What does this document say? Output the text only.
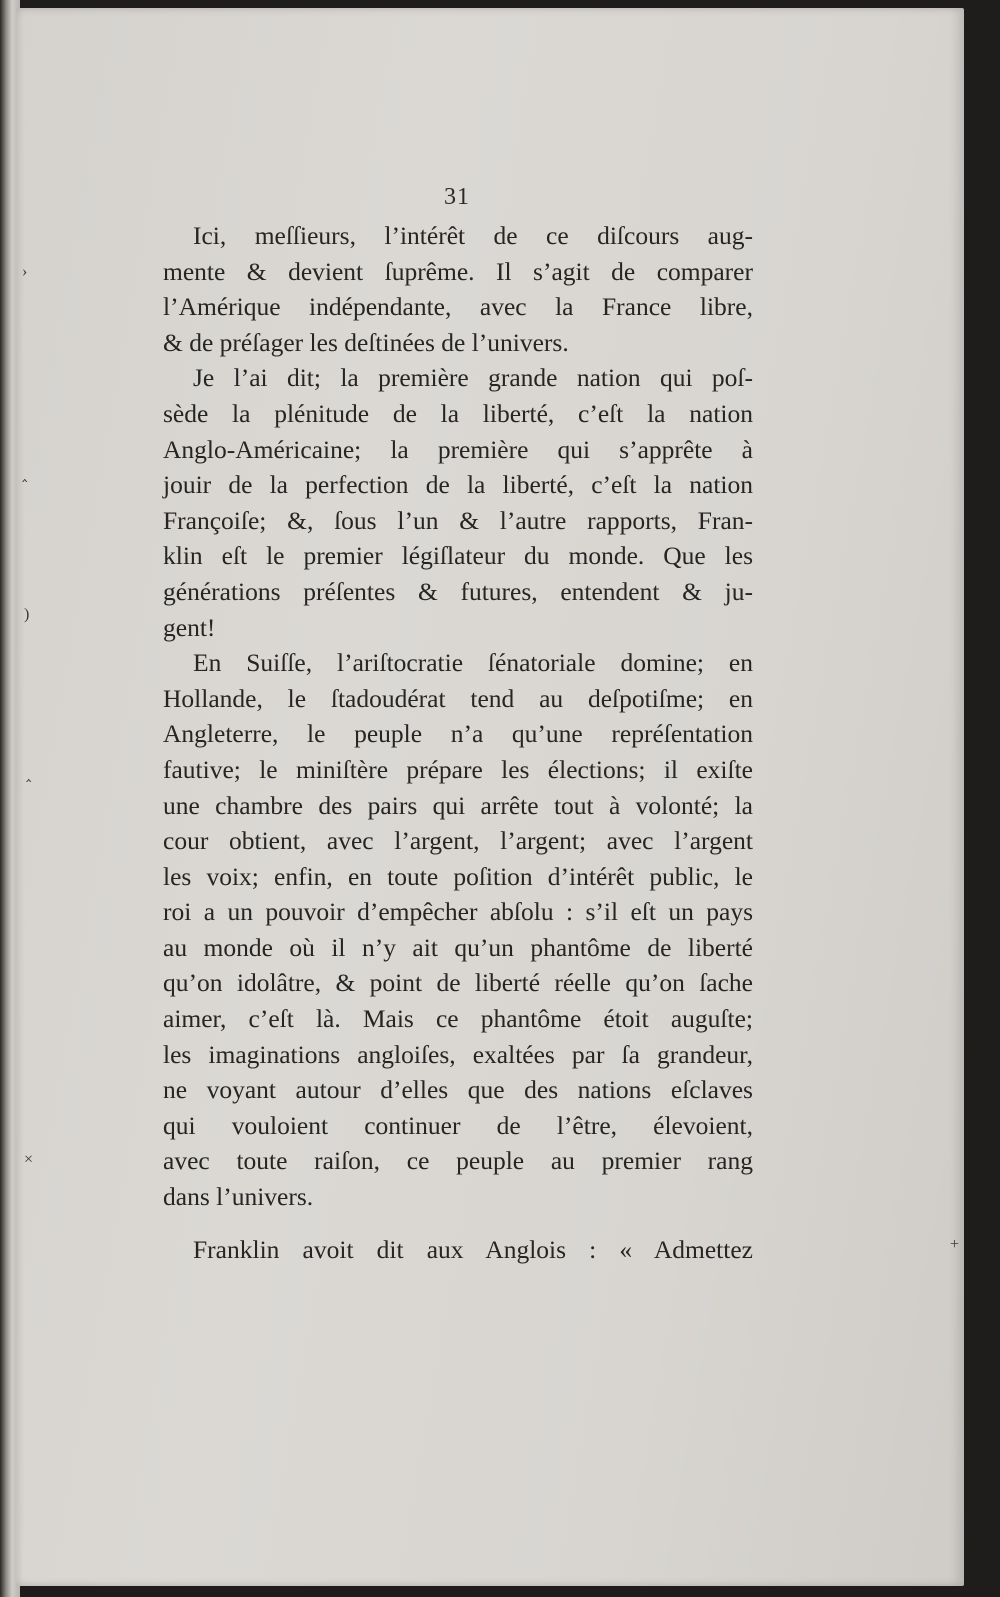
31

Ici, meſſieurs, l’intérêt de ce diſcours aug-
mente & devient ſuprême. Il s’agit de comparer
l’Amérique indépendante, avec la France libre,
& de préſager les deſtinées de l’univers.

Je l’ai dit; la première grande nation qui poſ-
sède la plénitude de la liberté, c’eſt la nation
Anglo-Américaine; la première qui s’apprête à
jouir de la perfection de la liberté, c’eſt la nation
Françoiſe; &, ſous l’un & l’autre rapports, Fran-
klin eſt le premier légiſlateur du monde. Que les
générations préſentes & futures, entendent & ju-
gent!

En Suiſſe, l’ariſtocratie ſénatoriale domine; en
Hollande, le ſtadoudérat tend au deſpotiſme; en
Angleterre, le peuple n’a qu’une repréſentation
fautive; le miniſtère prépare les élections; il exiſte
une chambre des pairs qui arrête tout à volonté; la
cour obtient, avec l’argent, l’argent; avec l’argent
les voix; enfin, en toute poſition d’intérêt public, le
roi a un pouvoir d’empêcher abſolu : s’il eſt un pays
au monde où il n’y ait qu’un phantôme de liberté
qu’on idolâtre, & point de liberté réelle qu’on ſache
aimer, c’eſt là. Mais ce phantôme étoit auguſte;
les imaginations angloiſes, exaltées par ſa grandeur,
ne voyant autour d’elles que des nations eſclaves
qui vouloient continuer de l’être, élevoient,
avec toute raiſon, ce peuple au premier rang
dans l’univers.

Franklin avoit dit aux Anglois : « Admettez

›
‸
)
‸
×
+
